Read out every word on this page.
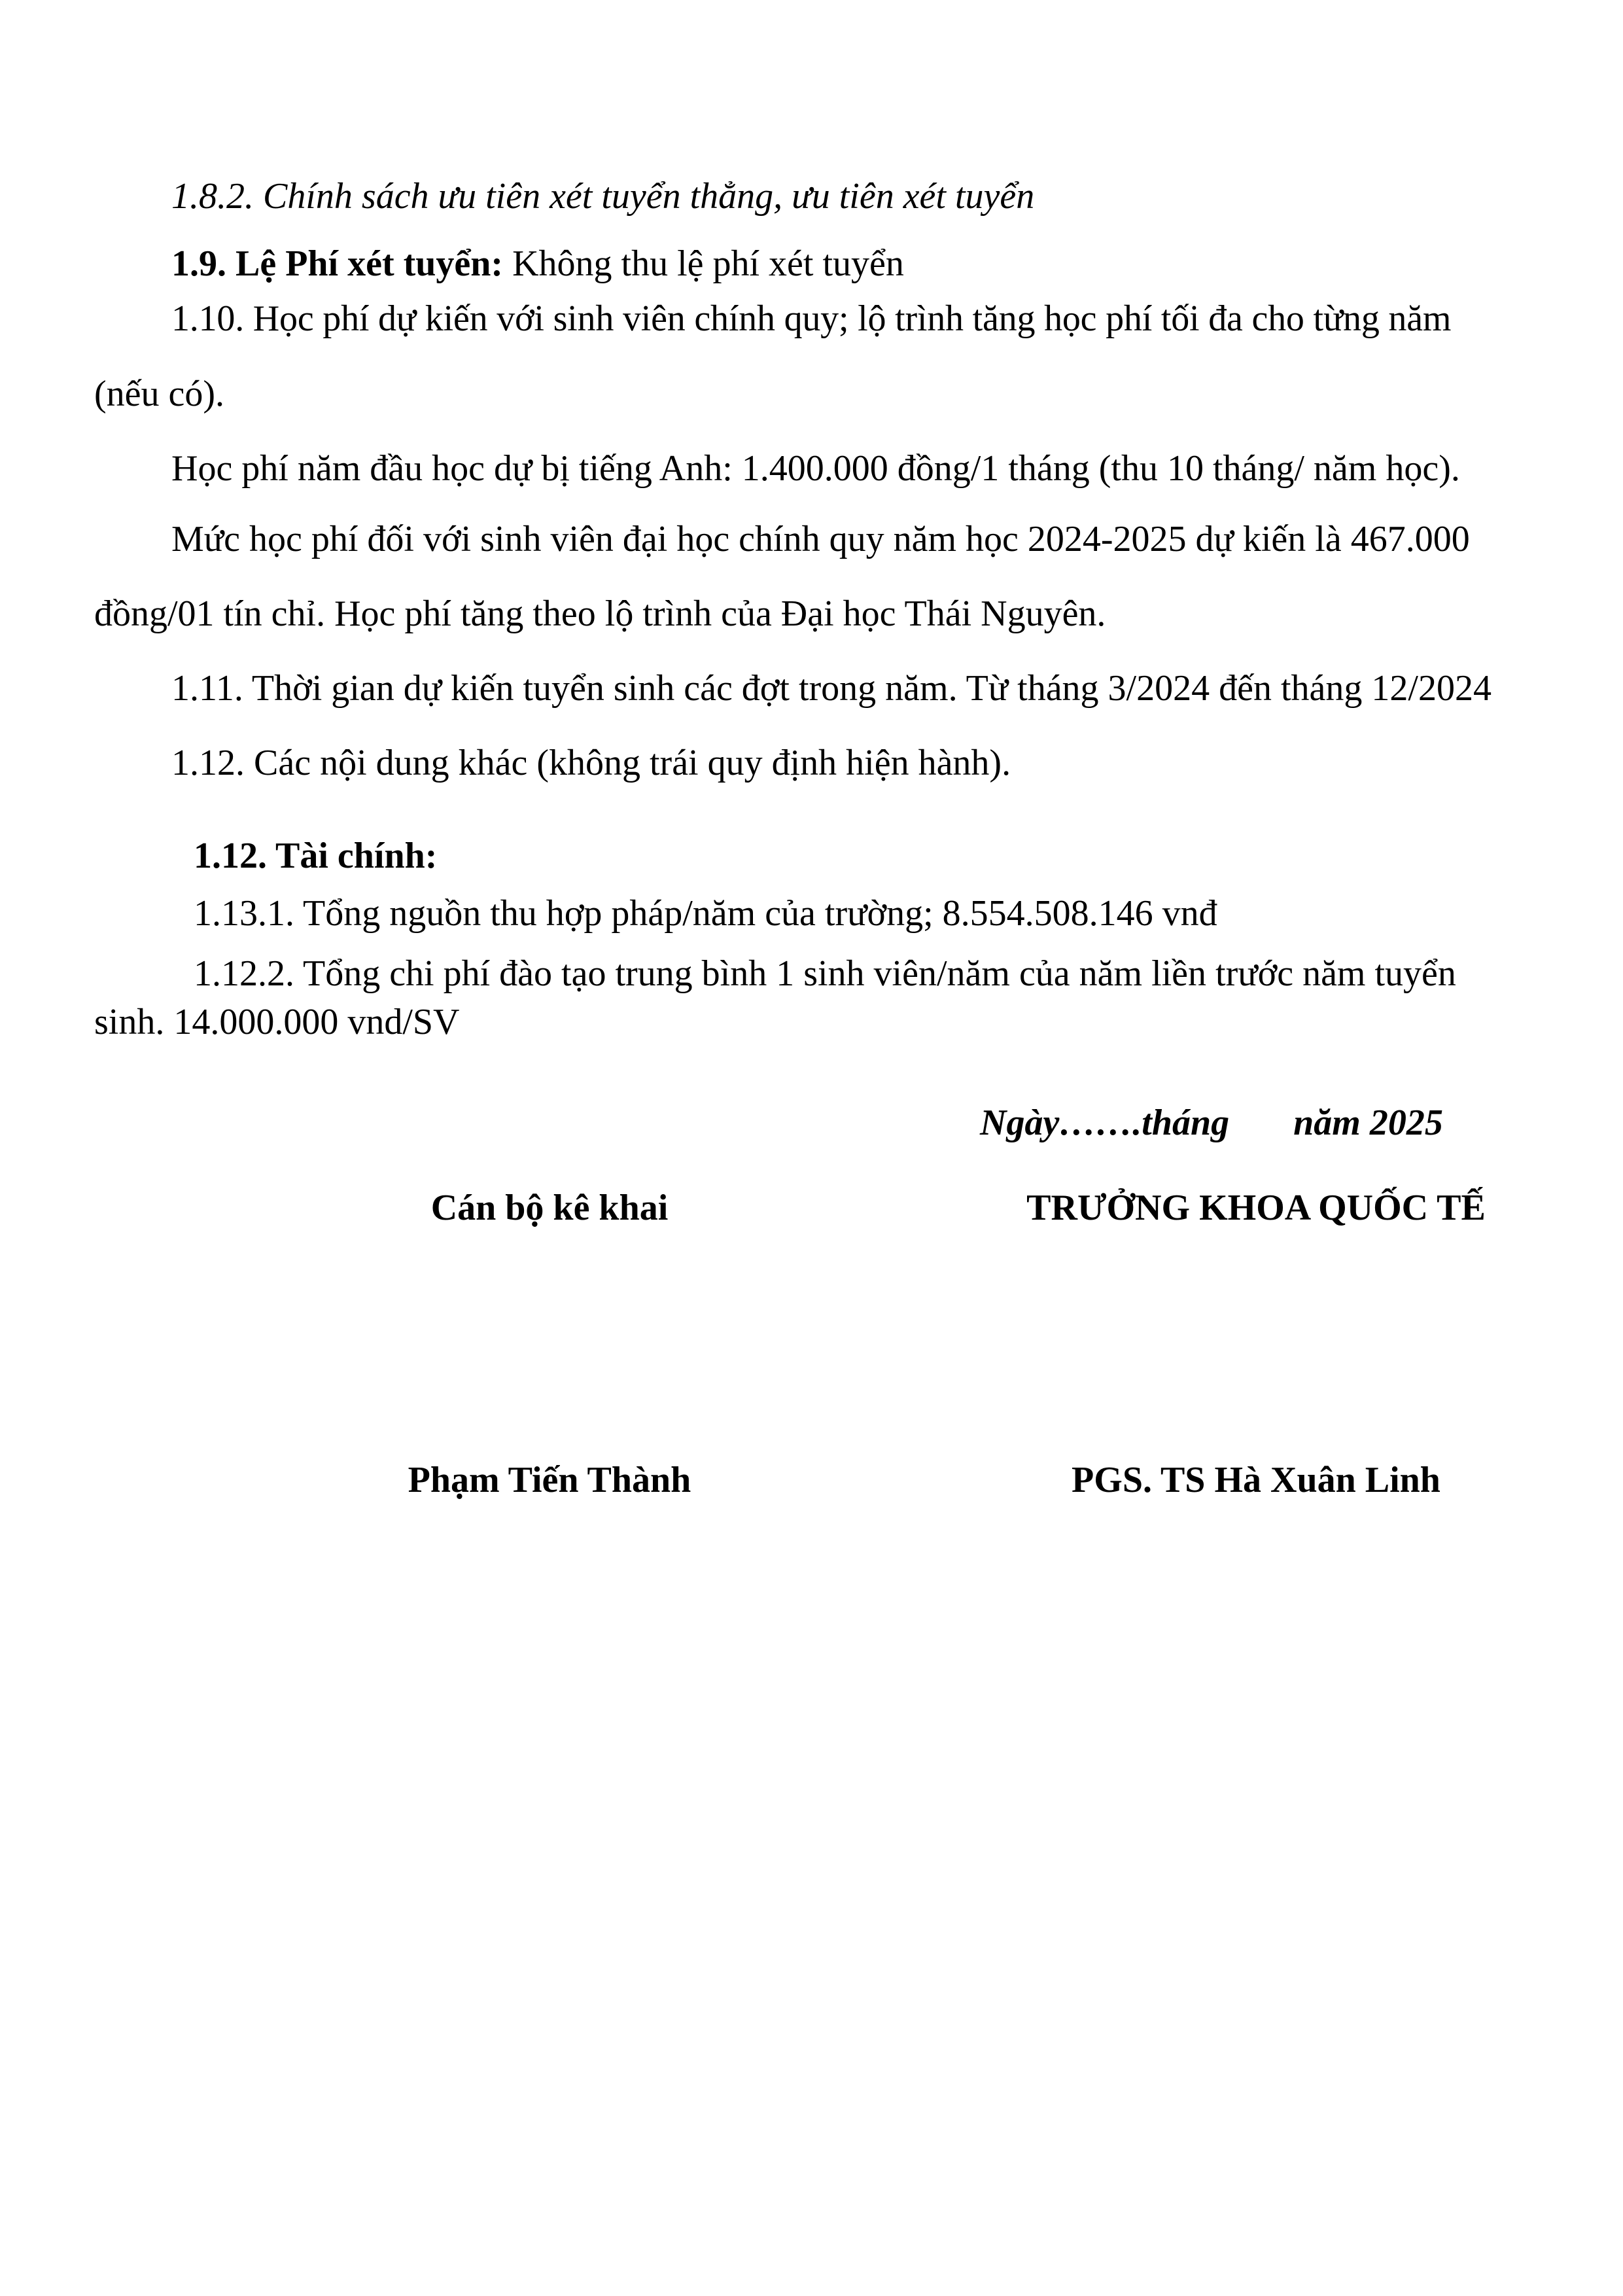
1.8.2. Chính sách ưu tiên xét tuyển thẳng, ưu tiên xét tuyển
1.9. Lệ Phí xét tuyển: Không thu lệ phí xét tuyển
1.10. Học phí dự kiến với sinh viên chính quy; lộ trình tăng học phí tối đa cho từng năm
(nếu có).
Học phí năm đầu học dự bị tiếng Anh: 1.400.000 đồng/1 tháng (thu 10 tháng/ năm học).
Mức học phí đối với sinh viên đại học chính quy năm học 2024-2025 dự kiến là 467.000
đồng/01 tín chỉ. Học phí tăng theo lộ trình của Đại học Thái Nguyên.
1.11. Thời gian dự kiến tuyển sinh các đợt trong năm. Từ tháng 3/2024 đến tháng 12/2024
1.12. Các nội dung khác (không trái quy định hiện hành).
1.12. Tài chính:
1.13.1. Tổng nguồn thu hợp pháp/năm của trường; 8.554.508.146 vnđ
1.12.2. Tổng chi phí đào tạo trung bình 1 sinh viên/năm của năm liền trước năm tuyển
sinh. 14.000.000 vnd/SV
Ngày…….tháng       năm 2025
Cán bộ kê khai	TRƯỞNG KHOA QUỐC TẾ
Phạm Tiến Thành	PGS. TS Hà Xuân Linh
